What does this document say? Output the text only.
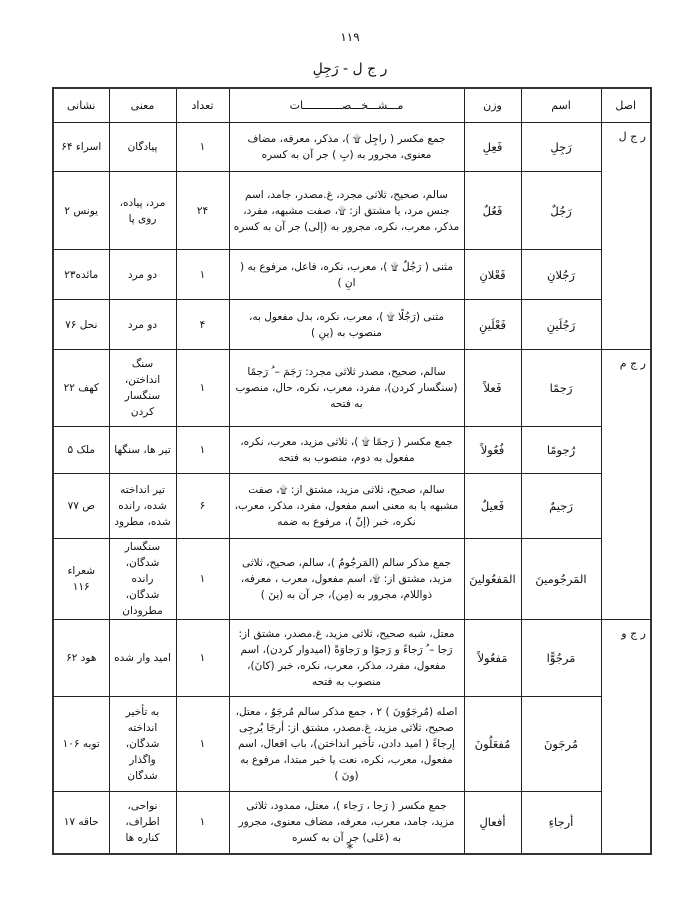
۱۱۹
ر ج ل - رَجِلِ
اصل	اسم	وزن	مـــشـــخـــصــــــــــــات	تعداد	معنی	نشانی
ر ج ل	رَجِلِ	فَعِلِ	جمع مکسر ( راجِل ۩ )، مذکر، معرفه، مضاف معنوی، مجرور به (بِ ) جر آن به کسره	۱	پیادگان	اسراء ۶۴
	رَجُلٌ	فَعُلٌ	سالم، صحیح، ثلاثی مجرد، غ.مصدر، جامد، اسم جنس مرد، یا مشتق از: ۩، صفت مشبهه، مفرد، مذکر، معرب، نکره، مجرور به (إلی) جر آن به کسره	۲۴	مرد، پیاده، روی پا	یونس ۲
	رَجُلانِ	فَعْلانِ	مثنی ( رَجُلٌ ۩ )، معرب، نکره، فاعل، مرفوع به ( انِ )	۱	دو مرد	مائده۲۳
	رَجُلَینِ	فَعْلَینِ	مثنی (رَجُلًا ۩ )، معرب، نکره، بدل مفعول به، منصوب به (ینِ )	۴	دو مرد	نحل ۷۶
ر ج م	رَجمًا	فَعلاً	سالم، صحیح، مصدر ثلاثی مجرد: رَجَمَ – ُ رَجمًا (سنگسار کردن)، مفرد، معرب، نکره، حال، منصوب به فتحه	۱	سنگ انداختن، سنگسار کردن	کهف ۲۲
	رُجومًا	فُعُولاً	جمع مکسر ( رَجمًا ۩ )، ثلاثی مزید، معرب، نکره، مفعول به دوم، منصوب به فتحه	۱	تیر ها، سنگها	ملک ۵
	رَجیمٌ	فَعیلٌ	سالم، صحیح، ثلاثی مزید، مشتق از: ۩، صفت مشبهه یا به معنی اسم مفعول، مفرد، مذکر، معرب، نکره، خبر (إنّ )، مرفوع به ضمه	۶	تیر انداخته شده، رانده شده، مطرود	ص ۷۷
	المَرجُومینَ	المَفعُولینَ	جمع مذکر سالم (المَرجُومُ )، سالم، صحیح، ثلاثی مزید، مشتق از: ۩، اسم مفعول، معرب ، معرفه، ذواللام، مجرور به (مِن)، جر آن به (ینَ )	۱	سنگسار شدگان، رانده شدگان، مطرودان	شعراء ۱۱۶
ر ج و	مَرجُوًّا	مَفعُولاً	معتل، شبه صحیح، ثلاثی مزید، غ.مصدر، مشتق از: رَجا – ُ رَجاءً و رَجوًا و رَجاوَةً (امیدوار کردن)، اسم مفعول، مفرد، مذکر، معرب، نکره، خبر (کانَ)، منصوب به فتحه	۱	امید وار شده	هود ۶۲
	مُرجَونَ	مُفعَلُونَ	اصله (مُرجَوُونَ ) ۲ ، جمع مذکر سالم مُرجَوٌ ، معتل، صحیح، ثلاثی مزید، غ.مصدر، مشتق از: أرجَا یُرجِی إرجاءً ( امید دادن، تأخیر انداختن)، باب افعال، اسم مفعول، معرب، نکره، نعت یا خبر مبتدا، مرفوع به (ونَ )	۱	به تأخیر انداخته شدگان، واگذار شدگان	توبه ۱۰۶
	أرجاءِ	أفعالِ	جمع مکسر ( رَجا ، رَجاء )، معتل، ممدود، ثلاثی مزید، جامد، معرب، معرفه، مضاف معنوی، مجرور به (عَلی) جر آن به کسره	۱	نواحی، اطراف، کناره ها	حاقه ۱۷
*
